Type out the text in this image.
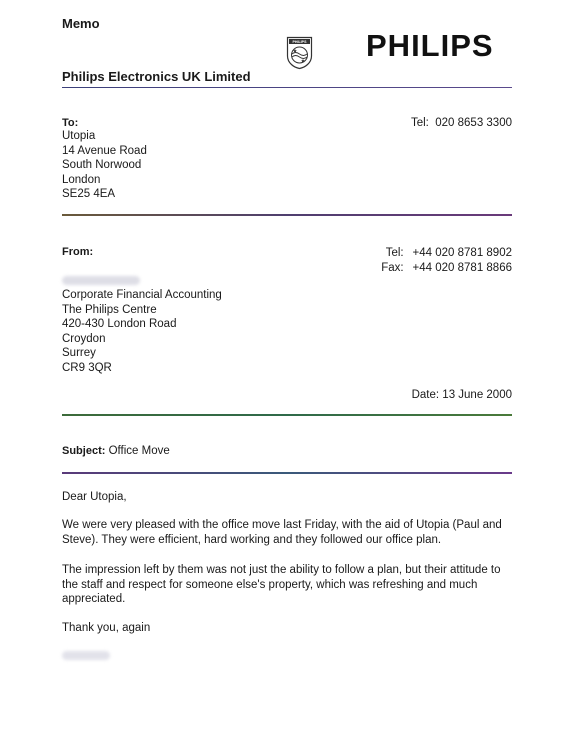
Memo
PHILIPS PHILIPS
Philips Electronics UK Limited
To:
Utopia
14 Avenue Road
South Norwood
London
SE25 4EA
Tel: 020 8653 3300
From:
Corporate Financial Accounting
The Philips Centre
420-430 London Road
Croydon
Surrey
CR9 3QR
Tel: +44 020 8781 8902
Fax: +44 020 8781 8866
Date: 13 June 2000
Subject: Office Move
Dear Utopia,
We were very pleased with the office move last Friday, with the aid of Utopia (Paul and Steve). They were efficient, hard working and they followed our office plan.
The impression left by them was not just the ability to follow a plan, but their attitude to the staff and respect for someone else's property, which was refreshing and much appreciated.
Thank you, again
